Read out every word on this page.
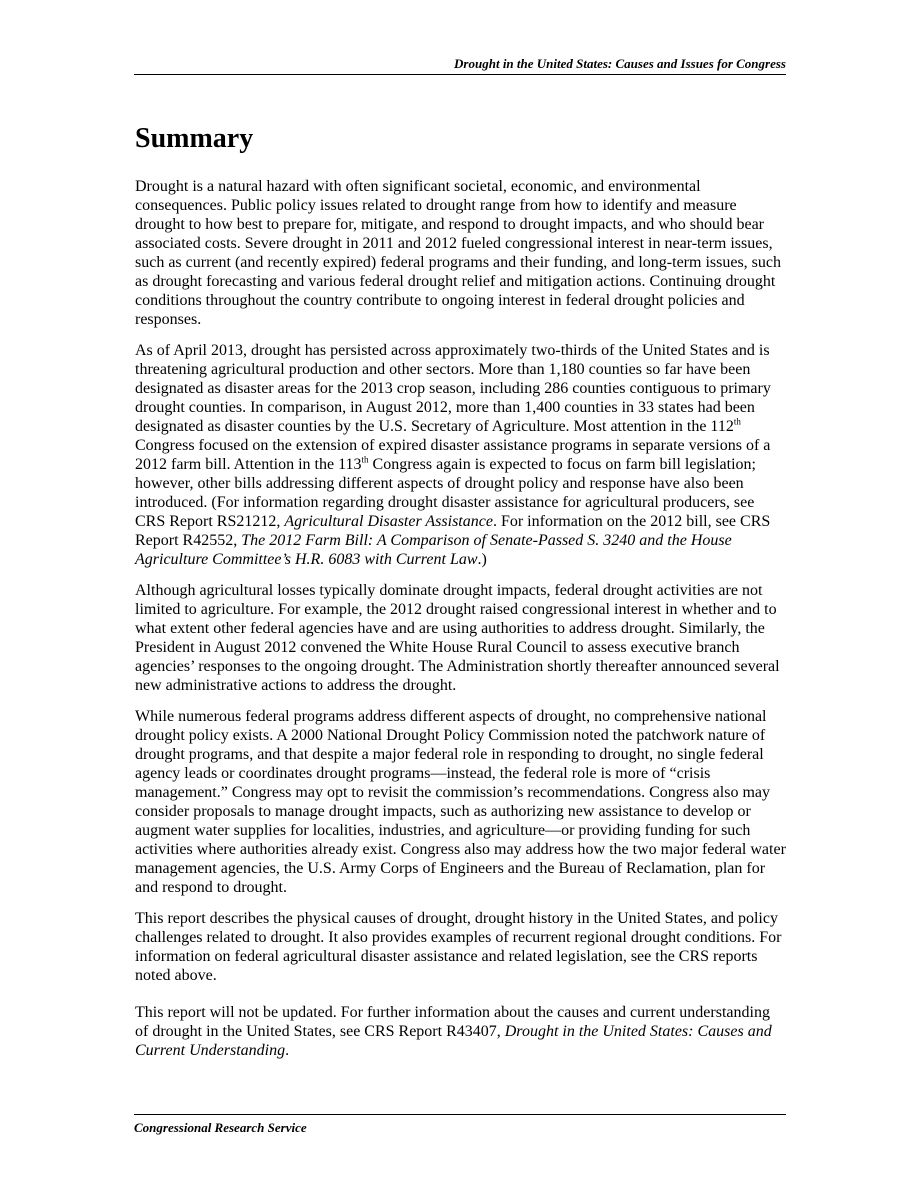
Drought in the United States: Causes and Issues for Congress
Summary

Drought is a natural hazard with often significant societal, economic, and environmental consequences. Public policy issues related to drought range from how to identify and measure drought to how best to prepare for, mitigate, and respond to drought impacts, and who should bear associated costs. Severe drought in 2011 and 2012 fueled congressional interest in near-term issues, such as current (and recently expired) federal programs and their funding, and long-term issues, such as drought forecasting and various federal drought relief and mitigation actions. Continuing drought conditions throughout the country contribute to ongoing interest in federal drought policies and responses.

As of April 2013, drought has persisted across approximately two-thirds of the United States and is threatening agricultural production and other sectors. More than 1,180 counties so far have been designated as disaster areas for the 2013 crop season, including 286 counties contiguous to primary drought counties. In comparison, in August 2012, more than 1,400 counties in 33 states had been designated as disaster counties by the U.S. Secretary of Agriculture. Most attention in the 112th Congress focused on the extension of expired disaster assistance programs in separate versions of a 2012 farm bill. Attention in the 113th Congress again is expected to focus on farm bill legislation; however, other bills addressing different aspects of drought policy and response have also been introduced. (For information regarding drought disaster assistance for agricultural producers, see CRS Report RS21212, Agricultural Disaster Assistance. For information on the 2012 bill, see CRS Report R42552, The 2012 Farm Bill: A Comparison of Senate-Passed S. 3240 and the House Agriculture Committee’s H.R. 6083 with Current Law.)

Although agricultural losses typically dominate drought impacts, federal drought activities are not limited to agriculture. For example, the 2012 drought raised congressional interest in whether and to what extent other federal agencies have and are using authorities to address drought. Similarly, the President in August 2012 convened the White House Rural Council to assess executive branch agencies’ responses to the ongoing drought. The Administration shortly thereafter announced several new administrative actions to address the drought.

While numerous federal programs address different aspects of drought, no comprehensive national drought policy exists. A 2000 National Drought Policy Commission noted the patchwork nature of drought programs, and that despite a major federal role in responding to drought, no single federal agency leads or coordinates drought programs—instead, the federal role is more of “crisis management.” Congress may opt to revisit the commission’s recommendations. Congress also may consider proposals to manage drought impacts, such as authorizing new assistance to develop or augment water supplies for localities, industries, and agriculture—or providing funding for such activities where authorities already exist. Congress also may address how the two major federal water management agencies, the U.S. Army Corps of Engineers and the Bureau of Reclamation, plan for and respond to drought.

This report describes the physical causes of drought, drought history in the United States, and policy challenges related to drought. It also provides examples of recurrent regional drought conditions. For information on federal agricultural disaster assistance and related legislation, see the CRS reports noted above.

This report will not be updated. For further information about the causes and current understanding of drought in the United States, see CRS Report R43407, Drought in the United States: Causes and Current Understanding.

Congressional Research Service
